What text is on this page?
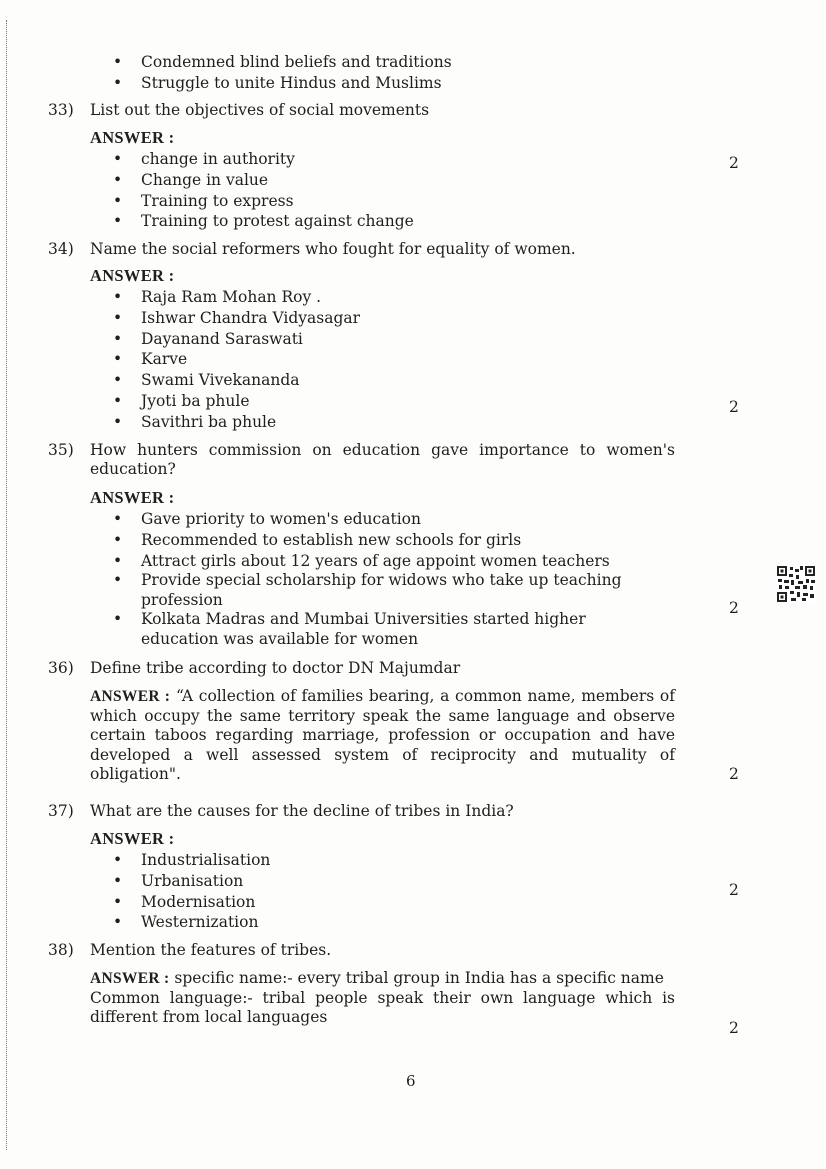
• Condemned blind beliefs and traditions
• Struggle to unite Hindus and Muslims
33)	List out the objectives of social movements
ANSWER :
• change in authority
• Change in value
• Training to express
• Training to protest against change
2
34)	Name the social reformers who fought for equality of women.
ANSWER :
• Raja Ram Mohan Roy .
• Ishwar Chandra Vidyasagar
• Dayanand Saraswati
• Karve
• Swami Vivekananda
• Jyoti ba phule
• Savithri ba phule
2
35)	How hunters commission on education gave importance to women's education?
ANSWER :
• Gave priority to women's education
• Recommended to establish new schools for girls
• Attract girls about 12 years of age appoint women teachers
• Provide special scholarship for widows who take up teaching profession
• Kolkata Madras and Mumbai Universities started higher education was available for women
2
36)	Define tribe according to doctor DN Majumdar
ANSWER : “A collection of families bearing, a common name, members of which occupy the same territory speak the same language and observe certain taboos regarding marriage, profession or occupation and have developed a well assessed system of reciprocity and mutuality of obligation".	2
37)	What are the causes for the decline of tribes in India?
ANSWER :
• Industrialisation
• Urbanisation
• Modernisation
• Westernization
2
38)	Mention the features of tribes.
ANSWER : specific name:- every tribal group in India has a specific name
Common language:- tribal people speak their own language which is different from local languages
2
6
